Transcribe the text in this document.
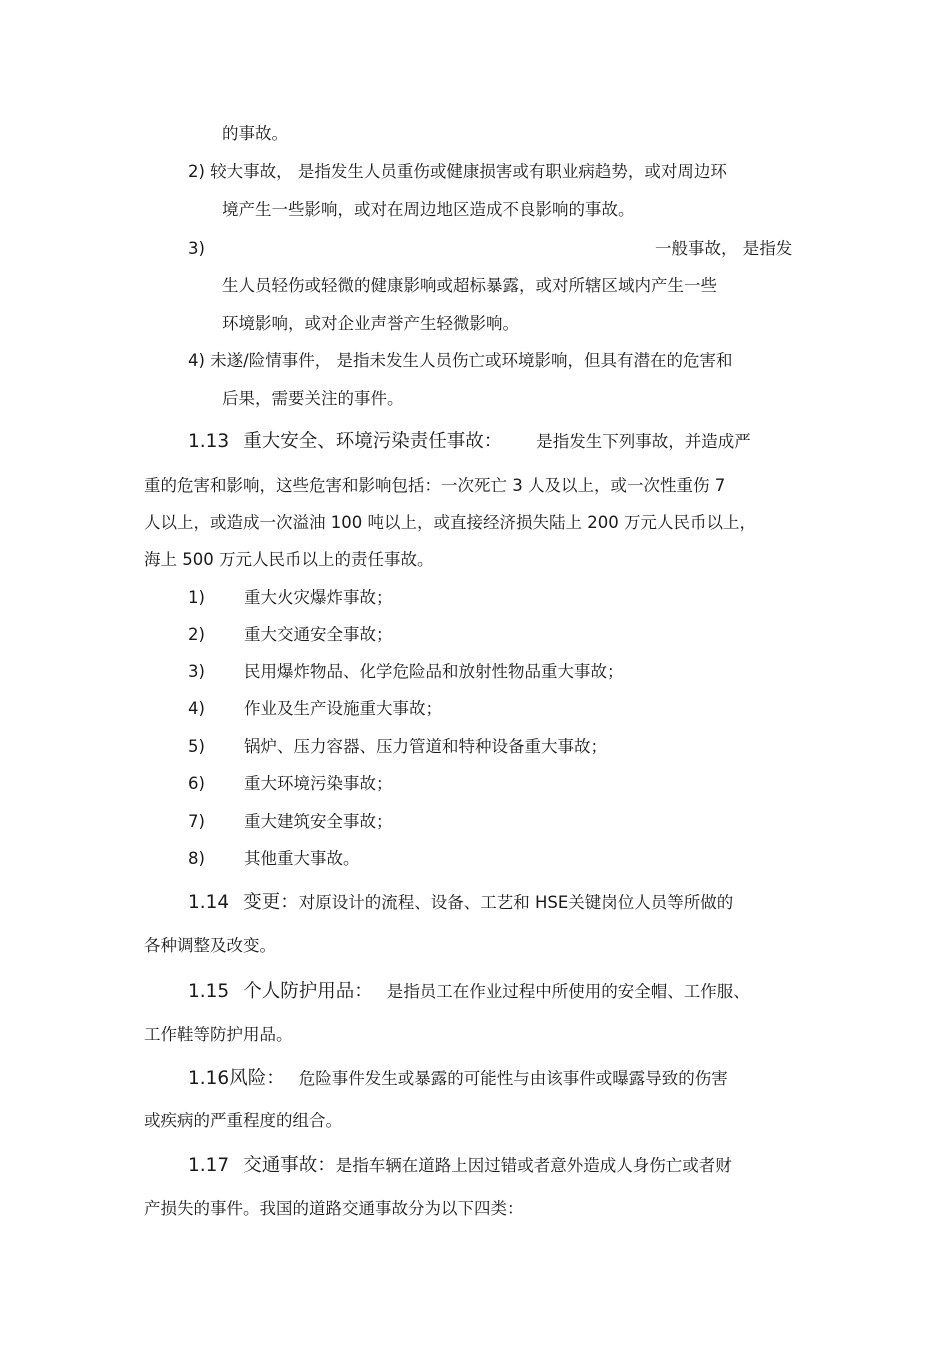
的事故。
2) 较大事故， 是指发生人员重伤或健康损害或有职业病趋势，或对周边环
境产生一些影响，或对在周边地区造成不良影响的事故。
3)	一般事故， 是指发
生人员轻伤或轻微的健康影响或超标暴露，或对所辖区域内产生一些
环境影响，或对企业声誉产生轻微影响。
4) 未遂/险情事件， 是指未发生人员伤亡或环境影响，但具有潜在的危害和
后果，需要关注的事件。
1.13 重大安全、环境污染责任事故： 是指发生下列事故，并造成严
重的危害和影响，这些危害和影响包括：一次死亡 3 人及以上，或一次性重伤 7
人以上，或造成一次溢油 100 吨以上，或直接经济损失陆上 200 万元人民币以上，
海上 500 万元人民币以上的责任事故。
1) 重大火灾爆炸事故；
2) 重大交通安全事故；
3) 民用爆炸物品、化学危险品和放射性物品重大事故；
4) 作业及生产设施重大事故；
5) 锅炉、压力容器、压力管道和特种设备重大事故；
6) 重大环境污染事故；
7) 重大建筑安全事故；
8) 其他重大事故。
1.14 变更：对原设计的流程、设备、工艺和 HSE关键岗位人员等所做的
各种调整及改变。
1.15 个人防护用品： 是指员工在作业过程中所使用的安全帽、工作服、
工作鞋等防护用品。
1.16风险： 危险事件发生或暴露的可能性与由该事件或曝露导致的伤害
或疾病的严重程度的组合。
1.17 交通事故：是指车辆在道路上因过错或者意外造成人身伤亡或者财
产损失的事件。我国的道路交通事故分为以下四类：
